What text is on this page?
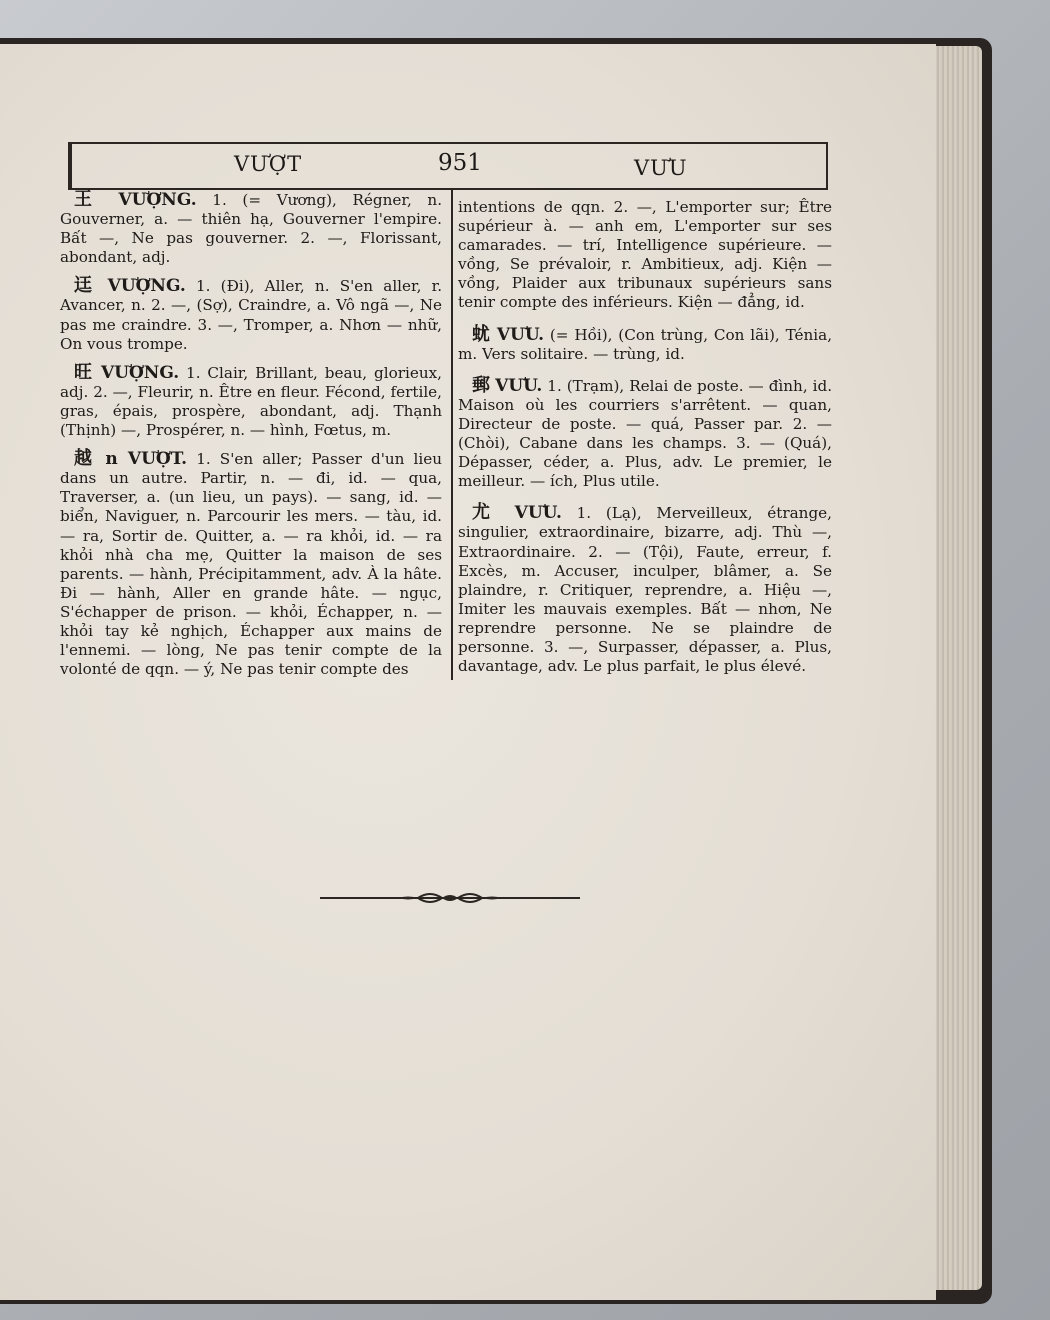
VƯỢT	951	VƯU

王 VƯỢNG. 1. (= Vương), Régner, n. Gouverner, a. — thiên hạ, Gouverner l'empire. Bất —, Ne pas gouverner. 2. —, Florissant, abondant, adj.

迋 VƯỢNG. 1. (Đi), Aller, n. S'en aller, r. Avancer, n. 2. —, (Sợ), Craindre, a. Vô ngã —, Ne pas me craindre. 3. —, Tromper, a. Nhơn — nhữ, On vous trompe.

旺 VƯỢNG. 1. Clair, Brillant, beau, glorieux, adj. 2. —, Fleurir, n. Être en fleur. Fécond, fertile, gras, épais, prospère, abondant, adj. Thạnh (Thịnh) —, Prospérer, n. — hình, Fœtus, m.

越 n VƯỢT. 1. S'en aller; Passer d'un lieu dans un autre. Partir, n. — đi, id. — qua, Traverser, a. (un lieu, un pays). — sang, id. — biển, Naviguer, n. Parcourir les mers. — tàu, id. — ra, Sortir de. Quitter, a. — ra khỏi, id. — ra khỏi nhà cha mẹ, Quitter la maison de ses parents. — hành, Précipitamment, adv. À la hâte. Đi — hành, Aller en grande hâte. — ngục, S'échapper de prison. — khỏi, Échapper, n. — khỏi tay kẻ nghịch, Échapper aux mains de l'ennemi. — lòng, Ne pas tenir compte de la volonté de qqn. — ý, Ne pas tenir compte des

intentions de qqn. 2. —, L'emporter sur; Être supérieur à. — anh em, L'emporter sur ses camarades. — trí, Intelligence supérieure. — vồng, Se prévaloir, r. Ambitieux, adj. Kiện — vồng, Plaider aux tribunaux supérieurs sans tenir compte des inférieurs. Kiện — đẳng, id.

蚘 VƯU. (= Hồi), (Con trùng, Con lãi), Ténia, m. Vers solitaire. — trùng, id.

郵 VƯU. 1. (Trạm), Relai de poste. — đình, id. Maison où les courriers s'arrêtent. — quan, Directeur de poste. — quá, Passer par. 2. — (Chòi), Cabane dans les champs. 3. — (Quá), Dépasser, céder, a. Plus, adv. Le premier, le meilleur. — ích, Plus utile.

尤 VƯU. 1. (Lạ), Merveilleux, étrange, singulier, extraordinaire, bizarre, adj. Thù —, Extraordinaire. 2. — (Tội), Faute, erreur, f. Excès, m. Accuser, inculper, blâmer, a. Se plaindre, r. Critiquer, reprendre, a. Hiệu —, Imiter les mauvais exemples. Bất — nhơn, Ne reprendre personne. Ne se plaindre de personne. 3. —, Surpasser, dépasser, a. Plus, davantage, adv. Le plus parfait, le plus élevé.
